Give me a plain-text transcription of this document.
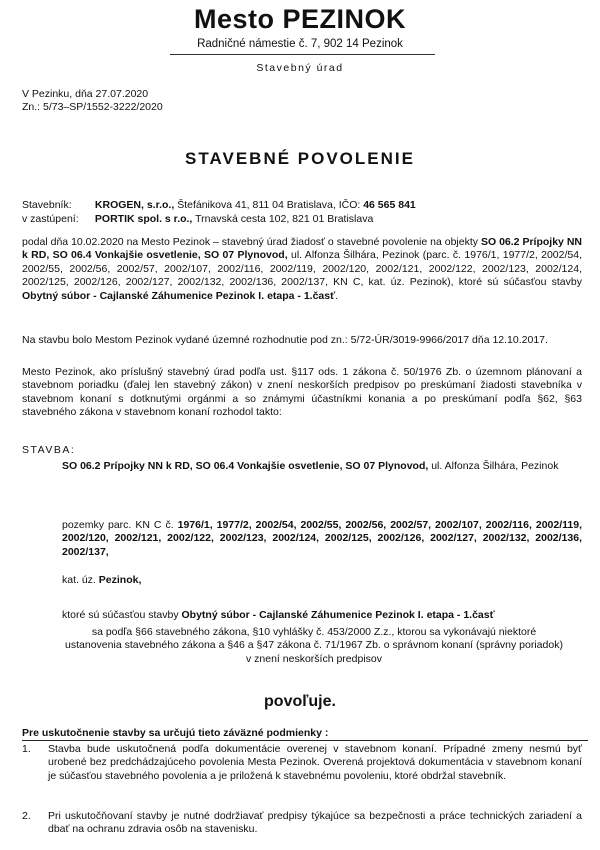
Mesto PEZINOK
Radničné námestie č. 7, 902 14 Pezinok
Stavebný úrad
V Pezinku, dňa 27.07.2020
Zn.: 5/73–SP/1552-3222/2020
STAVEBNÉ POVOLENIE
Stavebník: KROGEN, s.r.o., Štefánikova 41, 811 04 Bratislava, IČO: 46 565 841
v zastúpení: PORTIK spol. s r.o., Trnavská cesta 102, 821 01 Bratislava
podal dňa 10.02.2020 na Mesto Pezinok – stavebný úrad žiadosť o stavebné povolenie na objekty SO 06.2 Prípojky NN k RD, SO 06.4 Vonkajšie osvetlenie, SO 07 Plynovod, ul. Alfonza Šilhára, Pezinok (parc. č. 1976/1, 1977/2, 2002/54, 2002/55, 2002/56, 2002/57, 2002/107, 2002/116, 2002/119, 2002/120, 2002/121, 2002/122, 2002/123, 2002/124, 2002/125, 2002/126, 2002/127, 2002/132, 2002/136, 2002/137, KN C, kat. úz. Pezinok), ktoré sú súčasťou stavby Obytný súbor - Cajlanské Záhumenice Pezinok I. etapa - 1.časť.
Na stavbu bolo Mestom Pezinok vydané územné rozhodnutie pod zn.: 5/72-ÚR/3019-9966/2017 dňa 12.10.2017.
Mesto Pezinok, ako príslušný stavebný úrad podľa ust. §117 ods. 1 zákona č. 50/1976 Zb. o územnom plánovaní a stavebnom poriadku (ďalej len stavebný zákon) v znení neskorších predpisov po preskúmaní žiadosti stavebníka v stavebnom konaní s dotknutými orgánmi a so známymi účastníkmi konania a po preskúmaní podľa §62, §63 stavebného zákona v stavebnom konaní rozhodol takto:
STAVBA:
SO 06.2 Prípojky NN k RD, SO 06.4 Vonkajšie osvetlenie, SO 07 Plynovod, ul. Alfonza Šilhára, Pezinok
pozemky parc. KN C č. 1976/1, 1977/2, 2002/54, 2002/55, 2002/56, 2002/57, 2002/107, 2002/116, 2002/119, 2002/120, 2002/121, 2002/122, 2002/123, 2002/124, 2002/125, 2002/126, 2002/127, 2002/132, 2002/136, 2002/137,
kat. úz. Pezinok,
ktoré sú súčasťou stavby Obytný súbor - Cajlanské Záhumenice Pezinok I. etapa - 1.časť
sa podľa §66 stavebného zákona, §10 vyhlášky č. 453/2000 Z.z., ktorou sa vykonávajú niektoré ustanovenia stavebného zákona a §46 a §47 zákona č. 71/1967 Zb. o správnom konaní (správny poriadok) v znení neskorších predpisov
povoľuje.
Pre uskutočnenie stavby sa určujú tieto záväzné podmienky :
1. Stavba bude uskutočnená podľa dokumentácie overenej v stavebnom konaní. Prípadné zmeny nesmú byť urobené bez predchádzajúceho povolenia Mesta Pezinok. Overená projektová dokumentácia v stavebnom konaní je súčasťou stavebného povolenia a je priložená k stavebnému povoleniu, ktoré obdržal stavebník.
2. Pri uskutočňovaní stavby je nutné dodržiavať predpisy týkajúce sa bezpečnosti a práce technických zariadení a dbať na ochranu zdravia osôb na stavenisku.
